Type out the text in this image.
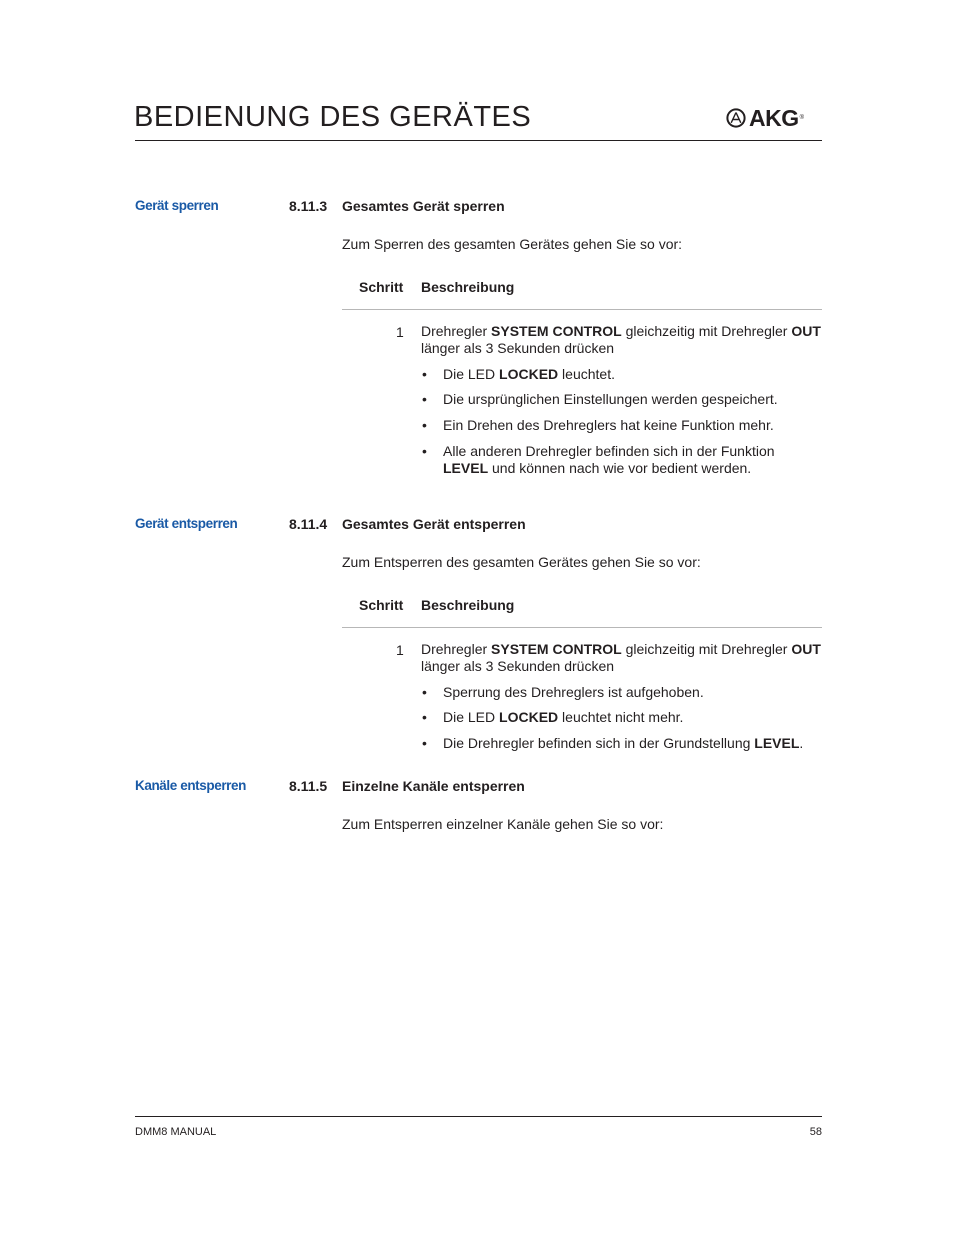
BEDIENUNG DES GERÄTES	AKG ®
Gerät sperren	8.11.3 Gesamtes Gerät sperren
Zum Sperren des gesamten Gerätes gehen Sie so vor:
Schritt Beschreibung
1 Drehregler SYSTEM CONTROL gleichzeitig mit Drehregler OUT länger als 3 Sekunden drücken
• Die LED LOCKED leuchtet.
• Die ursprünglichen Einstellungen werden gespeichert.
• Ein Drehen des Drehreglers hat keine Funktion mehr.
• Alle anderen Drehregler befinden sich in der Funktion LEVEL und können nach wie vor bedient werden.
Gerät entsperren	8.11.4 Gesamtes Gerät entsperren
Zum Entsperren des gesamten Gerätes gehen Sie so vor:
Schritt Beschreibung
1 Drehregler SYSTEM CONTROL gleichzeitig mit Drehregler OUT länger als 3 Sekunden drücken
• Sperrung des Drehreglers ist aufgehoben.
• Die LED LOCKED leuchtet nicht mehr.
• Die Drehregler befinden sich in der Grundstellung LEVEL.
Kanäle entsperren	8.11.5 Einzelne Kanäle entsperren
Zum Entsperren einzelner Kanäle gehen Sie so vor:
DMM8 MANUAL	58
